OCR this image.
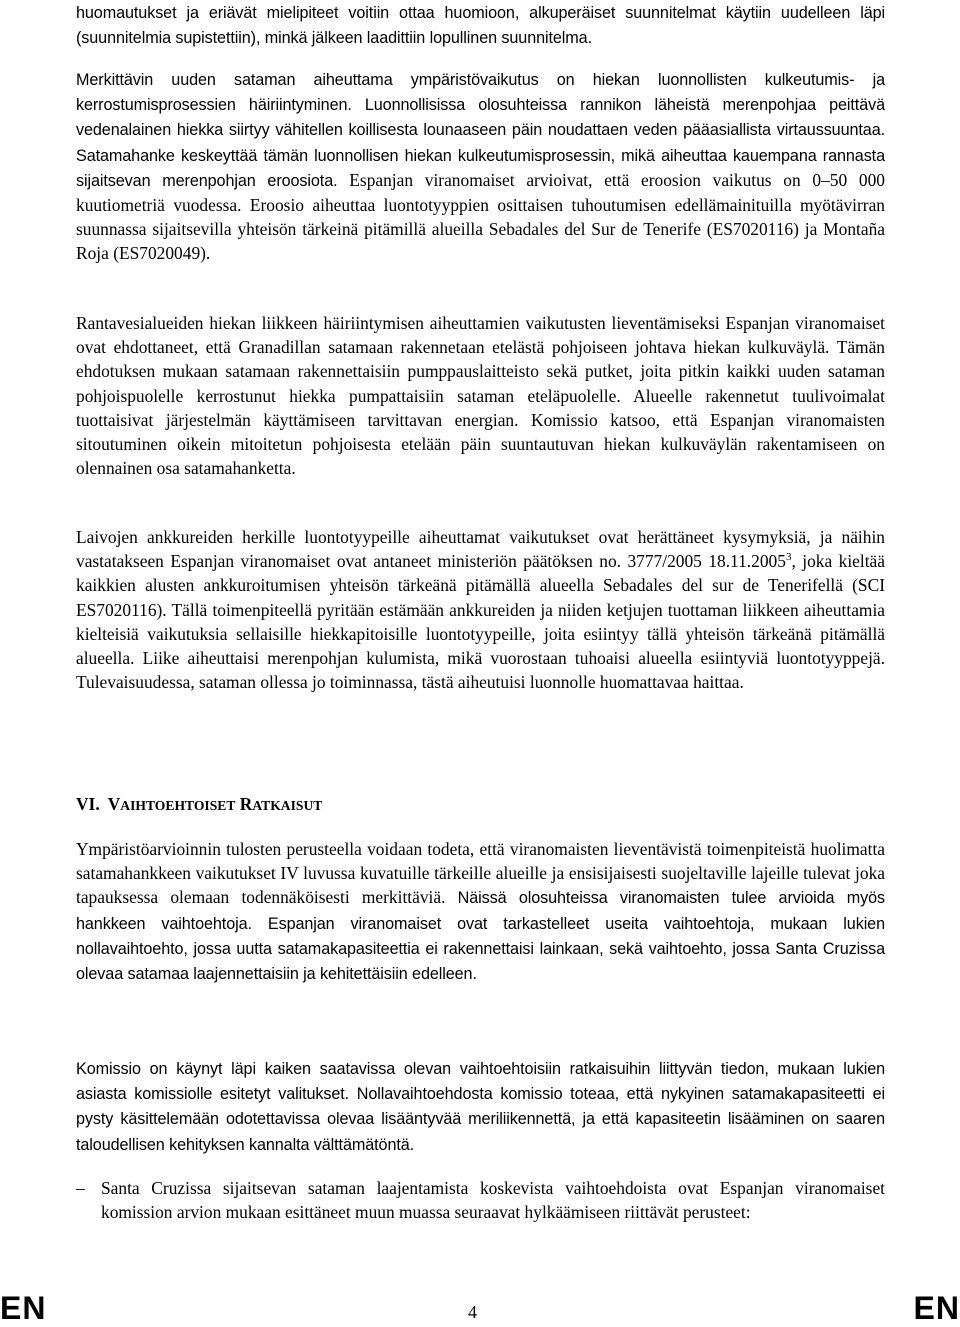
huomautukset ja eriävät mielipiteet voitiin ottaa huomioon, alkuperäiset suunnitelmat käytiin uudelleen läpi (suunnitelmia supistettiin), minkä jälkeen laadittiin lopullinen suunnitelma.

Merkittävin uuden sataman aiheuttama ympäristövaikutus on hiekan luonnollisten kulkeutumis- ja kerrostumisprosessien häiriintyminen. Luonnollisissa olosuhteissa rannikon läheistä merenpohjaa peittävä vedenalainen hiekka siirtyy vähitellen koillisesta lounaaseen päin noudattaen veden pääasiallista virtaussuuntaa. Satamahanke keskeyttää tämän luonnollisen hiekan kulkeutumisprosessin, mikä aiheuttaa kauempana rannasta sijaitsevan merenpohjan eroosiota. Espanjan viranomaiset arvioivat, että eroosion vaikutus on 0–50 000 kuutiometriä vuodessa. Eroosio aiheuttaa luontotyyppien osittaisen tuhoutumisen edellämainituilla myötävirran suunnassa sijaitsevilla yhteisön tärkeinä pitämillä alueilla Sebadales del Sur de Tenerife (ES7020116) ja Montaña Roja (ES7020049).

Rantavesialueiden hiekan liikkeen häiriintymisen aiheuttamien vaikutusten lieventämiseksi Espanjan viranomaiset ovat ehdottaneet, että Granadillan satamaan rakennetaan etelästä pohjoiseen johtava hiekan kulkuväylä. Tämän ehdotuksen mukaan satamaan rakennettaisiin pumppauslaitteisto sekä putket, joita pitkin kaikki uuden sataman pohjoispuolelle kerrostunut hiekka pumpattaisiin sataman eteläpuolelle. Alueelle rakennetut tuulivoimalat tuottaisivat järjestelmän käyttämiseen tarvittavan energian. Komissio katsoo, että Espanjan viranomaisten sitoutuminen oikein mitoitetun pohjoisesta etelään päin suuntautuvan hiekan kulkuväylän rakentamiseen on olennainen osa satamahanketta.

Laivojen ankkureiden herkille luontotyypeille aiheuttamat vaikutukset ovat herättäneet kysymyksiä, ja näihin vastatakseen Espanjan viranomaiset ovat antaneet ministeriön päätöksen no. 3777/2005 18.11.2005$^3$, joka kieltää kaikkien alusten ankkuroitumisen yhteisön tärkeänä pitämällä alueella Sebadales del sur de Tenerifellä (SCI ES7020116). Tällä toimenpiteellä pyritään estämään ankkureiden ja niiden ketjujen tuottaman liikkeen aiheuttamia kielteisiä vaikutuksia sellaisille hiekkapitoisille luontotyypeille, joita esiintyy tällä yhteisön tärkeänä pitämällä alueella. Liike aiheuttaisi merenpohjan kulumista, mikä vuorostaan tuhoaisi alueella esiintyviä luontotyyppejä. Tulevaisuudessa, sataman ollessa jo toiminnassa, tästä aiheutuisi luonnolle huomattavaa haittaa.

VI. VAIHTOEHTOISET RATKAISUT

Ympäristöarvioinnin tulosten perusteella voidaan todeta, että viranomaisten lieventävistä toimenpiteistä huolimatta satamahankkeen vaikutukset IV luvussa kuvatuille tärkeille alueille ja ensisijaisesti suojeltaville lajeille tulevat joka tapauksessa olemaan todennäköisesti merkittäviä. Näissä olosuhteissa viranomaisten tulee arvioida myös hankkeen vaihtoehtoja. Espanjan viranomaiset ovat tarkastelleet useita vaihtoehtoja, mukaan lukien nollavaihtoehto, jossa uutta satamakapasiteettia ei rakennettaisi lainkaan, sekä vaihtoehto, jossa Santa Cruzissa olevaa satamaa laajennettaisiin ja kehitettäisiin edelleen.

Komissio on käynyt läpi kaiken saatavissa olevan vaihtoehtoisiin ratkaisuihin liittyvän tiedon, mukaan lukien asiasta komissiolle esitetyt valitukset. Nollavaihtoehdosta komissio toteaa, että nykyinen satamakapasiteetti ei pysty käsittelemään odotettavissa olevaa lisääntyvää meriliikennettä, ja että kapasiteetin lisääminen on saaren taloudellisen kehityksen kannalta välttämätöntä.

– Santa Cruzissa sijaitsevan sataman laajentamista koskevista vaihtoehdoista ovat Espanjan viranomaiset komission arvion mukaan esittäneet muun muassa seuraavat hylkäämiseen riittävät perusteet:

EN	4	EN
